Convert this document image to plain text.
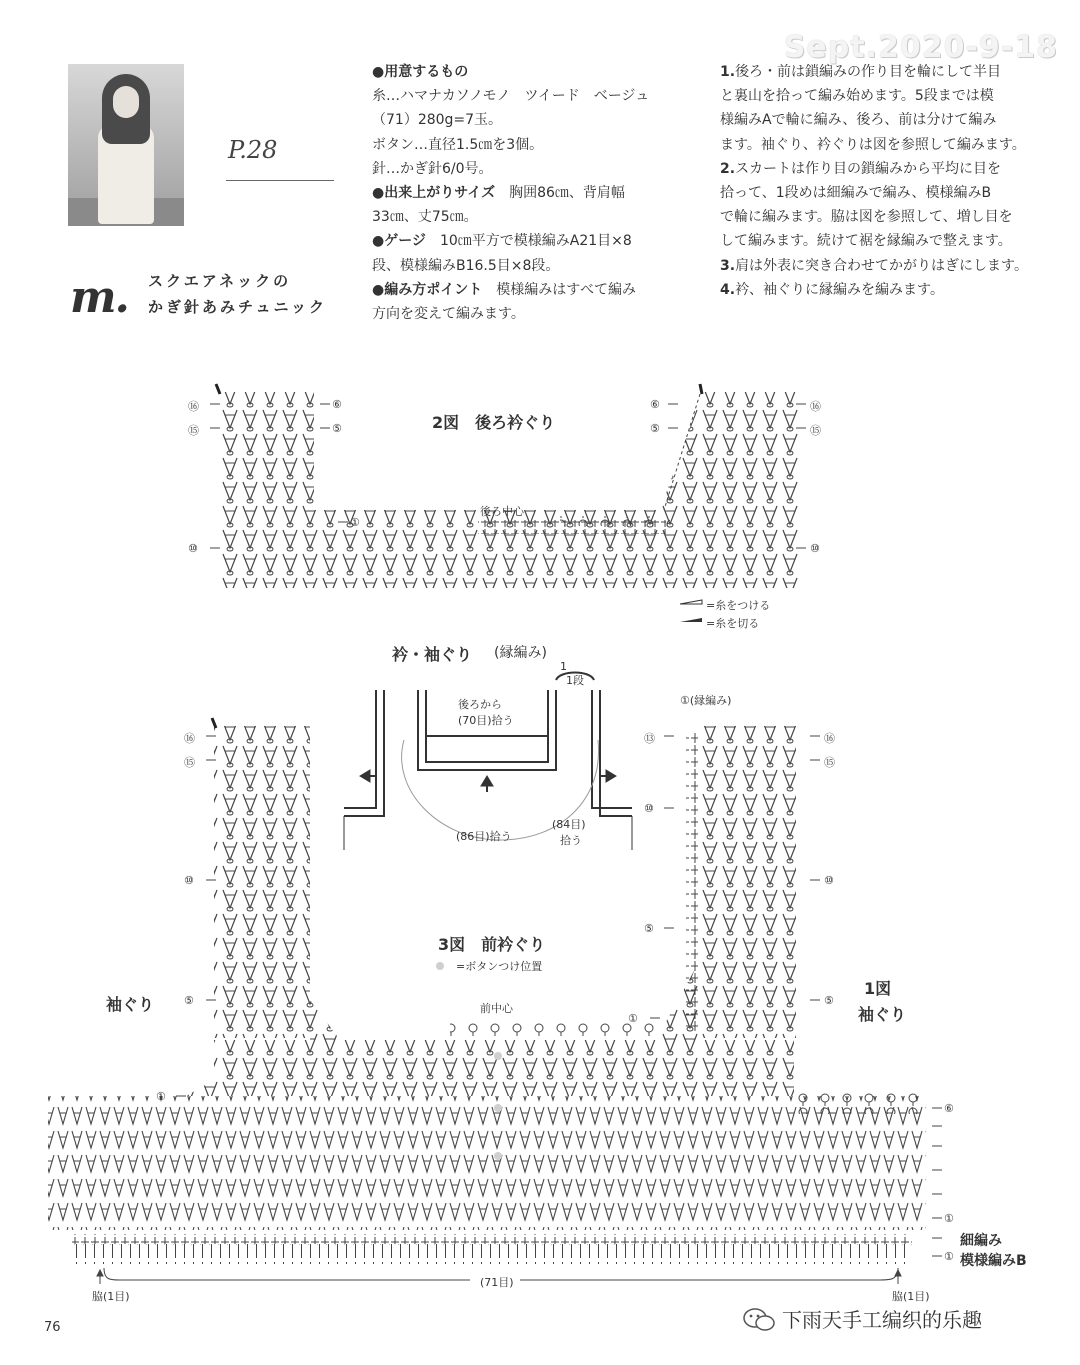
P.28
m. スクエアネックの
かぎ針あみチュニック
Sept.2020-9-18

●用意するもの

糸…ハマナカソノモノ　ツイード　ベージュ

（71）280g=7玉。

ボタン…直径1.5㎝を3個。

針…かぎ針6/0号。

●出来上がりサイズ　 胸囲86㎝、背肩幅

33㎝、丈75㎝。

●ゲージ　 10㎝平方で模様編みA21目×8

段、模様編みB16.5目×8段。

●編み方ポイント　 模様編みはすべて編み

方向を変えて編みます。

1.後ろ・前は鎖編みの作り目を輪にして半目

と裏山を拾って編み始めます。5段までは模

様編みAで輪に編み、後ろ、前は分けて編み

ます。袖ぐり、衿ぐりは図を参照して編みます。

2.スカートは作り目の鎖編みから平均に目を

拾って、1段めは細編みで編み、模様編みB

で輪に編みます。脇は図を参照して、増し目を

して編みます。続けて裾を縁編みで整えます。

3.肩は外表に突き合わせてかがりはぎにします。

4.衿、袖ぐりに縁編みを編みます。

2図　後ろ衿ぐり
後ろ中心
⑯
⑮
⑩
⑥
⑤
①
⑥
⑤
⑯
⑮
⑩
=糸をつける
=糸を切る
衿・袖ぐり (縁編み)
1
1段
後ろから
(70目)拾う
(86目)拾う
(84目)
拾う
3図　前衿ぐり
=ボタンつけ位置
前中心
袖ぐり
1図
袖ぐり
①(縁編み)
⑯
⑮
⑩
⑤
①
⑬
⑩
⑤
①
⑯
⑮
⑩
⑤
⑥
①
①
細編み
模様編みB
(71目)
脇(1目)	脇(1目)
76	下雨天手工编织的乐趣
